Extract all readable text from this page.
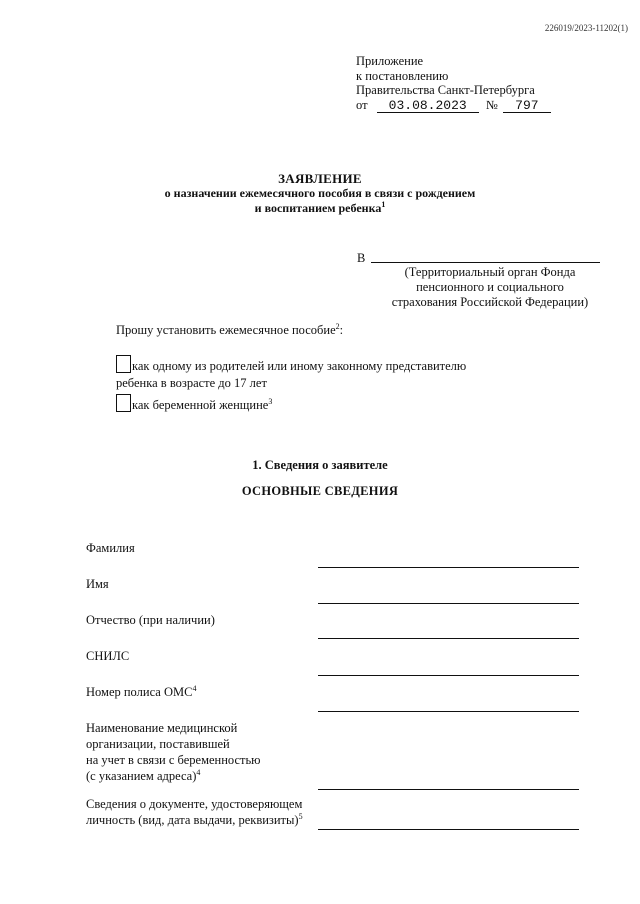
226019/2023-11202(1)
Приложение
к постановлению
Правительства Санкт-Петербурга
от 03.08.2023 № 797
ЗАЯВЛЕНИЕ
о назначении ежемесячного пособия в связи с рождением
и воспитанием ребенка$^1$
В
(Территориальный орган Фонда
пенсионного и социального
страхования Российской Федерации)
Прошу установить ежемесячное пособие$^2$:
как одному из родителей или иному законному представителю
ребенка в возрасте до 17 лет
как беременной женщине$^3$
1. Сведения о заявителе
ОСНОВНЫЕ СВЕДЕНИЯ
Фамилия
Имя
Отчество (при наличии)
СНИЛС
Номер полиса ОМС$^4$
Наименование медицинской
организации, поставившей
на учет в связи с беременностью
(с указанием адреса)$^4$
Сведения о документе, удостоверяющем
личность (вид, дата выдачи, реквизиты)$^5$
